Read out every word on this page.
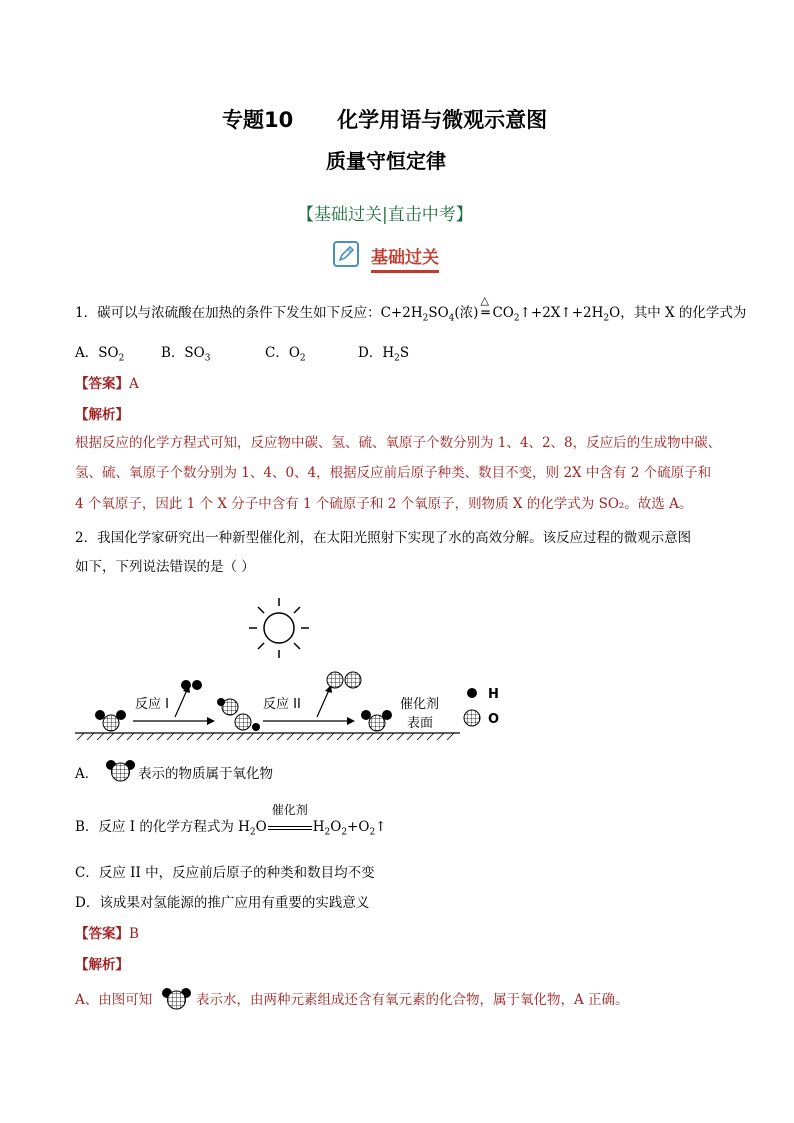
专题10      化学用语与微观示意图
质量守恒定律
【基础过关|直击中考】
基础过关
1．碳可以与浓硫酸在加热的条件下发生如下反应：$C+2H_2SO_4$(浓)
△
═ $CO_2↑+2X↑+2H_2O$，其中 X 的化学式为
A．$SO_2$	B．$SO_3$	C．$O_2$	D．$H_2S$
【答案】A
【解析】
根据反应的化学方程式可知，反应物中碳、氢、硫、氧原子个数分别为 1、4、2、8，反应后的生成物中碳、
氢、硫、氧原子个数分别为 1、4、0、4，根据反应前后原子种类、数目不变，则 2X 中含有 2 个硫原子和
4 个氧原子，因此 1 个 X 分子中含有 1 个硫原子和 2 个氧原子，则物质 X 的化学式为 SO₂。故选 A。
2．我国化学家研究出一种新型催化剂，在太阳光照射下实现了水的高效分解。该反应过程的微观示意图
如下，下列说法错误的是（ ）
反应 I	反应 II	催化剂
表面
H
O
A．	表示的物质属于氧化物
B．反应 I 的化学方程式为 $H_2O$
催化剂
$H_2O_2+O_2↑$
C．反应 II 中，反应前后原子的种类和数目均不变
D．该成果对氢能源的推广应用有重要的实践意义
【答案】B
【解析】
A、由图可知	表示水，由两种元素组成还含有氧元素的化合物，属于氧化物，A 正确。
